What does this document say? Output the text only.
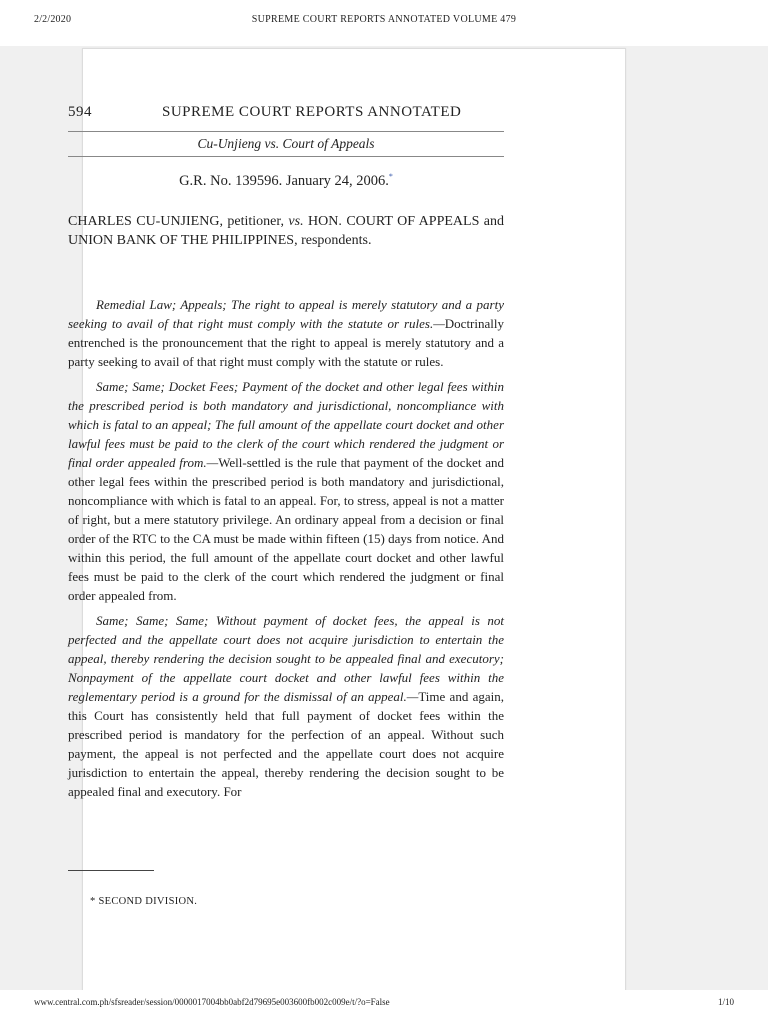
2/2/2020	SUPREME COURT REPORTS ANNOTATED VOLUME 479
594	SUPREME COURT REPORTS ANNOTATED
Cu-Unjieng vs. Court of Appeals
G.R. No. 139596. January 24, 2006.*
CHARLES CU-UNJIENG, petitioner, vs. HON. COURT OF APPEALS and UNION BANK OF THE PHILIPPINES, respondents.

Remedial Law; Appeals; The right to appeal is merely statutory and a party seeking to avail of that right must comply with the statute or rules.—Doctrinally entrenched is the pronouncement that the right to appeal is merely statutory and a party seeking to avail of that right must comply with the statute or rules.

Same; Same; Docket Fees; Payment of the docket and other legal fees within the prescribed period is both mandatory and jurisdictional, noncompliance with which is fatal to an appeal; The full amount of the appellate court docket and other lawful fees must be paid to the clerk of the court which rendered the judgment or final order appealed from.—Well-settled is the rule that payment of the docket and other legal fees within the prescribed period is both mandatory and jurisdictional, noncompliance with which is fatal to an appeal. For, to stress, appeal is not a matter of right, but a mere statutory privilege. An ordinary appeal from a decision or final order of the RTC to the CA must be made within fifteen (15) days from notice. And within this period, the full amount of the appellate court docket and other lawful fees must be paid to the clerk of the court which rendered the judgment or final order appealed from.

Same; Same; Same; Without payment of docket fees, the appeal is not perfected and the appellate court does not acquire jurisdiction to entertain the appeal, thereby rendering the decision sought to be appealed final and executory; Nonpayment of the appellate court docket and other lawful fees within the reglementary period is a ground for the dismissal of an appeal.—Time and again, this Court has consistently held that full payment of docket fees within the prescribed period is mandatory for the perfection of an appeal. Without such payment, the appeal is not perfected and the appellate court does not acquire jurisdiction to entertain the appeal, thereby rendering the decision sought to be appealed final and executory. For

* SECOND DIVISION.
www.central.com.ph/sfsreader/session/0000017004bb0abf2d79695e003600fb002c009e/t/?o=False	1/10
